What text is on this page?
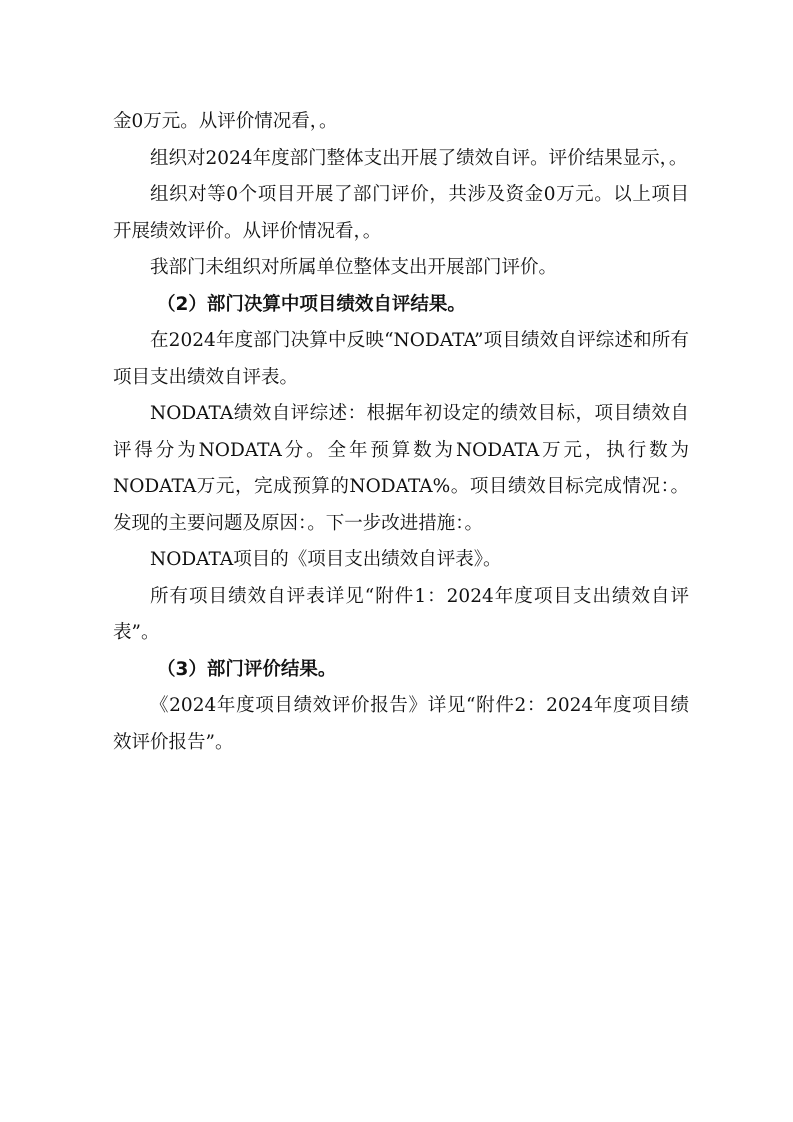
金0万元。从评价情况看，。

组织对2024年度部门整体支出开展了绩效自评。评价结果显示，。

组织对等0个项目开展了部门评价，共涉及资金0万元。以上项目开展绩效评价。从评价情况看，。

我部门未组织对所属单位整体支出开展部门评价。

（2）部门决算中项目绩效自评结果。

在2024年度部门决算中反映“NODATA”项目绩效自评综述和所有项目支出绩效自评表。

NODATA绩效自评综述：根据年初设定的绩效目标，项目绩效自评得分为NODATA分。全年预算数为NODATA万元，执行数为NODATA万元，完成预算的NODATA%。项目绩效目标完成情况：。发现的主要问题及原因：。下一步改进措施：。

NODATA项目的《项目支出绩效自评表》。

所有项目绩效自评表详见“附件1：2024年度项目支出绩效自评表”。

（3）部门评价结果。

《2024年度项目绩效评价报告》详见“附件2：2024年度项目绩效评价报告”。
